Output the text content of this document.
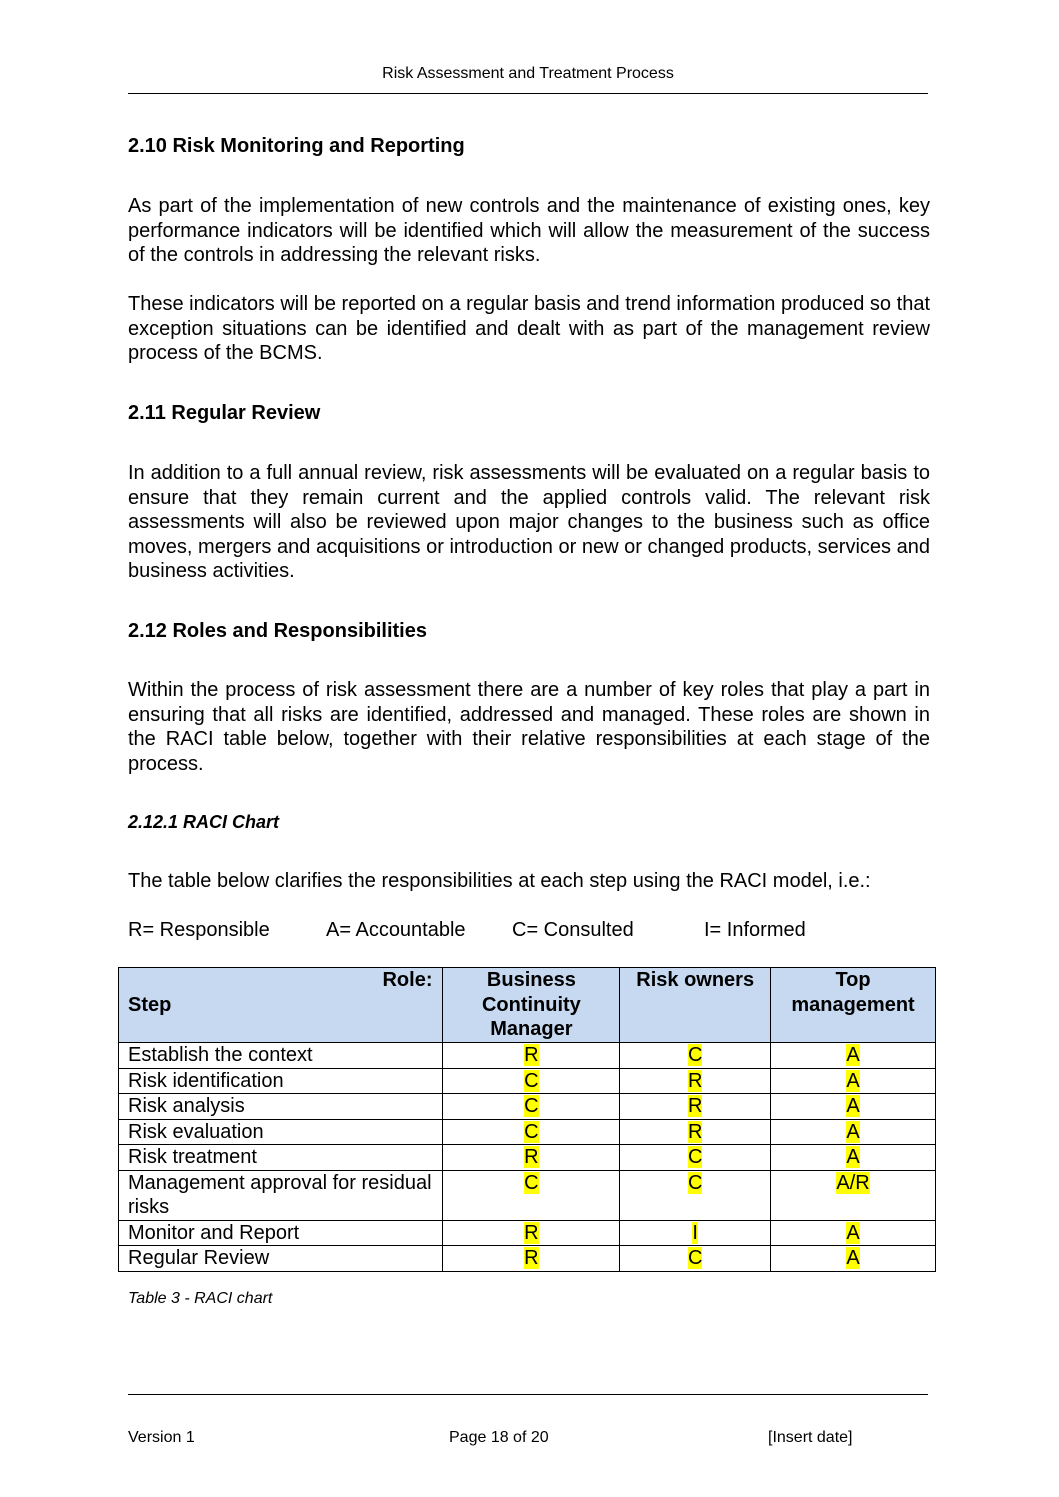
Risk Assessment and Treatment Process
2.10 Risk Monitoring and Reporting

As part of the implementation of new controls and the maintenance of existing ones, key performance indicators will be identified which will allow the measurement of the success of the controls in addressing the relevant risks.

These indicators will be reported on a regular basis and trend information produced so that exception situations can be identified and dealt with as part of the management review process of the BCMS.

2.11 Regular Review

In addition to a full annual review, risk assessments will be evaluated on a regular basis to ensure that they remain current and the applied controls valid. The relevant risk assessments will also be reviewed upon major changes to the business such as office moves, mergers and acquisitions or introduction or new or changed products, services and business activities.

2.12 Roles and Responsibilities

Within the process of risk assessment there are a number of key roles that play a part in ensuring that all risks are identified, addressed and managed. These roles are shown in the RACI table below, together with their relative responsibilities at each stage of the process.

2.12.1 RACI Chart

The table below clarifies the responsibilities at each step using the RACI model, i.e.:

R= Responsible	A= Accountable C= Consulted	I= Informed
Role:
Step	Business Continuity Manager	Risk owners	Top management
Establish the context	R	C	A
Risk identification	C	R	A
Risk analysis	C	R	A
Risk evaluation	C	R	A
Risk treatment	R	C	A
Management approval for residual risks	C	C	A/R
Monitor and Report	R	I	A
Regular Review	R	C	A
Table 3 - RACI chart
Version 1	Page 18 of 20	[Insert date]
